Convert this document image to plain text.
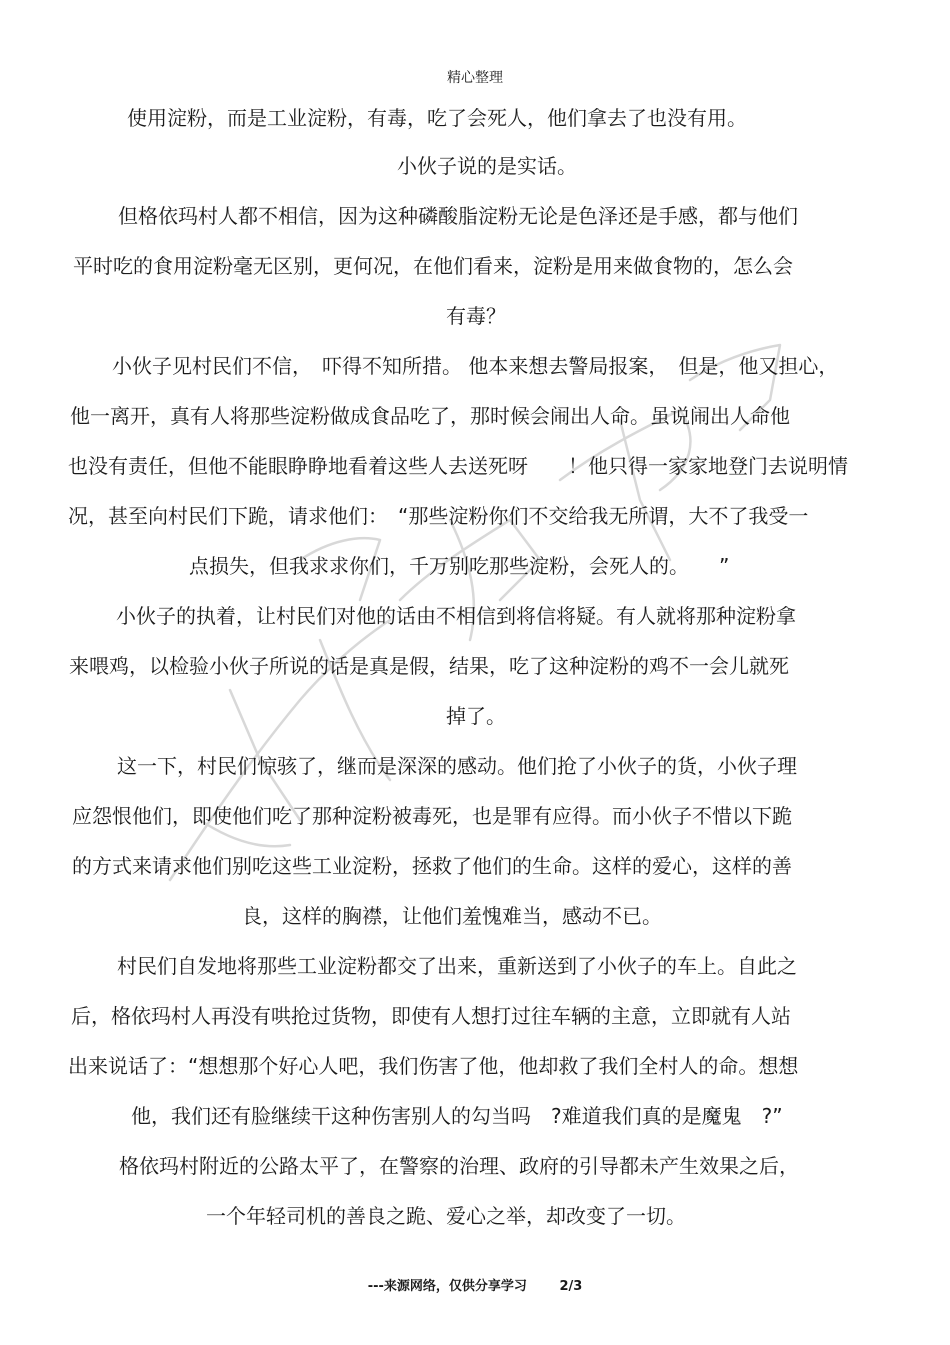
精心整理
使用淀粉，而是工业淀粉，有毒，吃了会死人，他们拿去了也没有用。
小伙子说的是实话。
但格依玛村人都不相信，因为这种磷酸脂淀粉无论是色泽还是手感，都与他们
平时吃的食用淀粉毫无区别，更何况，在他们看来，淀粉是用来做食物的，怎么会
有毒？
小伙子见村民们不信，　吓得不知所措。 他本来想去警局报案，　但是，他又担心，
他一离开，真有人将那些淀粉做成食品吃了，那时候会闹出人命。虽说闹出人命他
也没有责任，但他不能眼睁睁地看着这些人去送死呀　　！他只得一家家地登门去说明情
况，甚至向村民们下跪，请求他们：　“那些淀粉你们不交给我无所谓，大不了我受一
点损失，但我求求你们，千万别吃那些淀粉，会死人的。　　”
小伙子的执着，让村民们对他的话由不相信到将信将疑。有人就将那种淀粉拿
来喂鸡，以检验小伙子所说的话是真是假，结果，吃了这种淀粉的鸡不一会儿就死
掉了。
这一下，村民们惊骇了，继而是深深的感动。他们抢了小伙子的货，小伙子理
应怨恨他们，即使他们吃了那种淀粉被毒死，也是罪有应得。而小伙子不惜以下跪
的方式来请求他们别吃这些工业淀粉，拯救了他们的生命。这样的爱心，这样的善
良，这样的胸襟，让他们羞愧难当，感动不已。
村民们自发地将那些工业淀粉都交了出来，重新送到了小伙子的车上。自此之
后，格依玛村人再没有哄抢过货物，即使有人想打过往车辆的主意，立即就有人站
出来说话了：“想想那个好心人吧，我们伤害了他，他却救了我们全村人的命。想想
他，我们还有脸继续干这种伤害别人的勾当吗　?难道我们真的是魔鬼　?”
格依玛村附近的公路太平了，在警察的治理、政府的引导都未产生效果之后，
一个年轻司机的善良之跪、爱心之举，却改变了一切。
---来源网络，仅供分享学习	2/3
